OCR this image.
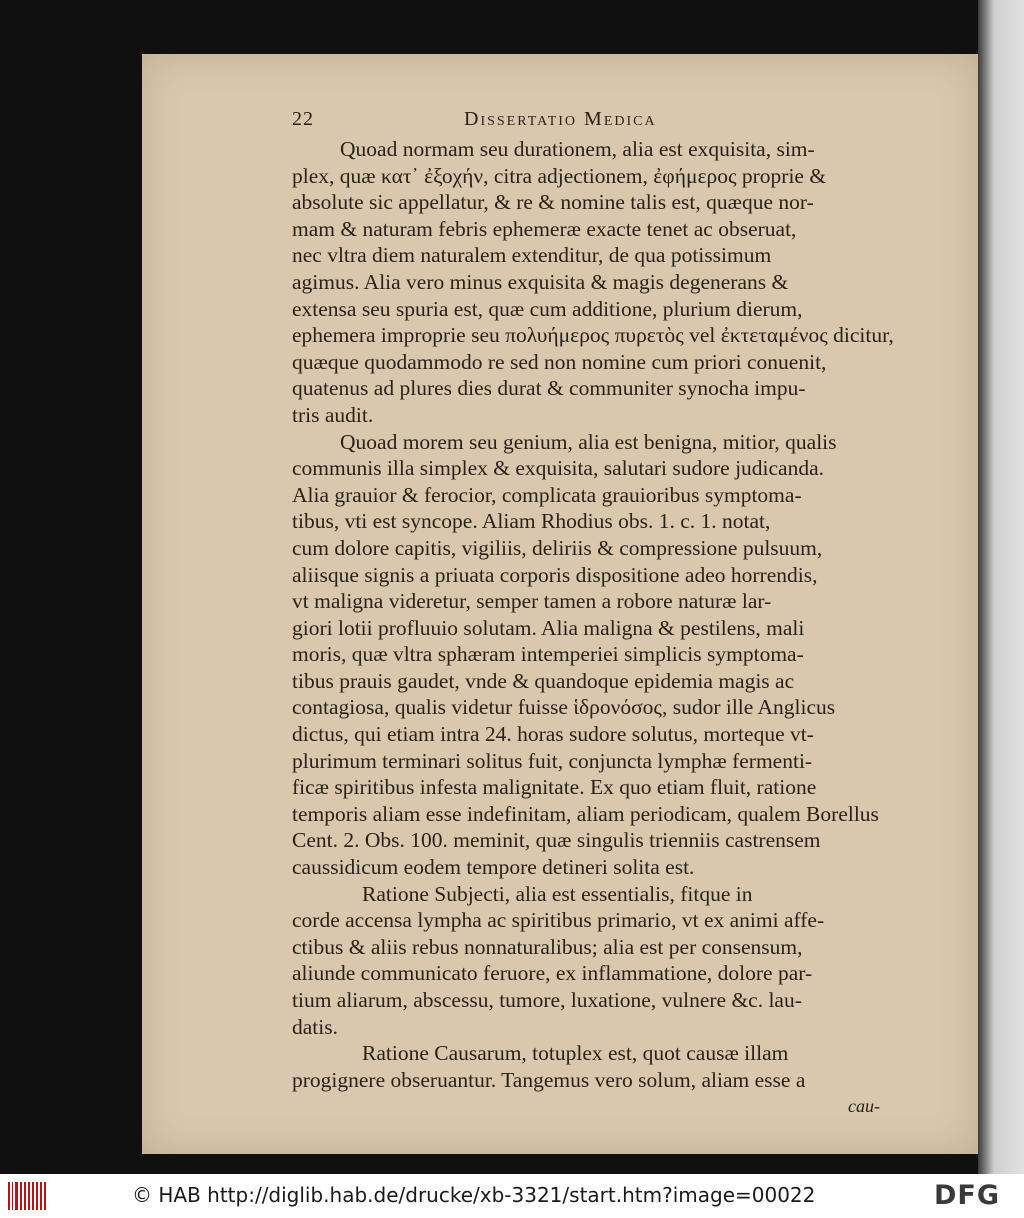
22	Dissertatio Medica
Quoad normam seu durationem, alia est exquisita, sim-
plex, quæ κατ᾽ ἐξοχήν, citra adjectionem, ἐφήμερος proprie &
absolute sic appellatur, & re & nomine talis est, quæque nor-
mam & naturam febris ephemeræ exacte tenet ac obseruat,
nec vltra diem naturalem extenditur, de qua potissimum
agimus. Alia vero minus exquisita & magis degenerans &
extensa seu spuria est, quæ cum additione, plurium dierum,
ephemera improprie seu πολυήμερος πυρετὸς vel ἐκτεταμένος dicitur,
quæque quodammodo re sed non nomine cum priori conuenit,
quatenus ad plures dies durat & communiter synocha impu-
tris audit.
Quoad morem seu genium, alia est benigna, mitior, qualis
communis illa simplex & exquisita, salutari sudore judicanda.
Alia grauior & ferocior, complicata grauioribus symptoma-
tibus, vti est syncope. Aliam Rhodius obs. 1. c. 1. notat,
cum dolore capitis, vigiliis, deliriis & compressione pulsuum,
aliisque signis a priuata corporis dispositione adeo horrendis,
vt maligna videretur, semper tamen a robore naturæ lar-
giori lotii profluuio solutam. Alia maligna & pestilens, mali
moris, quæ vltra sphæram intemperiei simplicis symptoma-
tibus prauis gaudet, vnde & quandoque epidemia magis ac
contagiosa, qualis videtur fuisse ἱδρονόσος, sudor ille Anglicus
dictus, qui etiam intra 24. horas sudore solutus, morteque vt-
plurimum terminari solitus fuit, conjuncta lymphæ fermenti-
ficæ spiritibus infesta malignitate. Ex quo etiam fluit, ratione
temporis aliam esse indefinitam, aliam periodicam, qualem Borellus
Cent. 2. Obs. 100. meminit, quæ singulis trienniis castrensem
caussidicum eodem tempore detineri solita est.
Ratione Subjecti, alia est essentialis, fitque in
corde accensa lympha ac spiritibus primario, vt ex animi affe-
ctibus & aliis rebus nonnaturalibus; alia est per consensum,
aliunde communicato feruore, ex inflammatione, dolore par-
tium aliarum, abscessu, tumore, luxatione, vulnere &c. lau-
datis.
Ratione Causarum, totuplex est, quot causæ illam
progignere obseruantur. Tangemus vero solum, aliam esse a
cau-
© HAB http://diglib.hab.de/drucke/xb-3321/start.htm?image=00022	DFG
